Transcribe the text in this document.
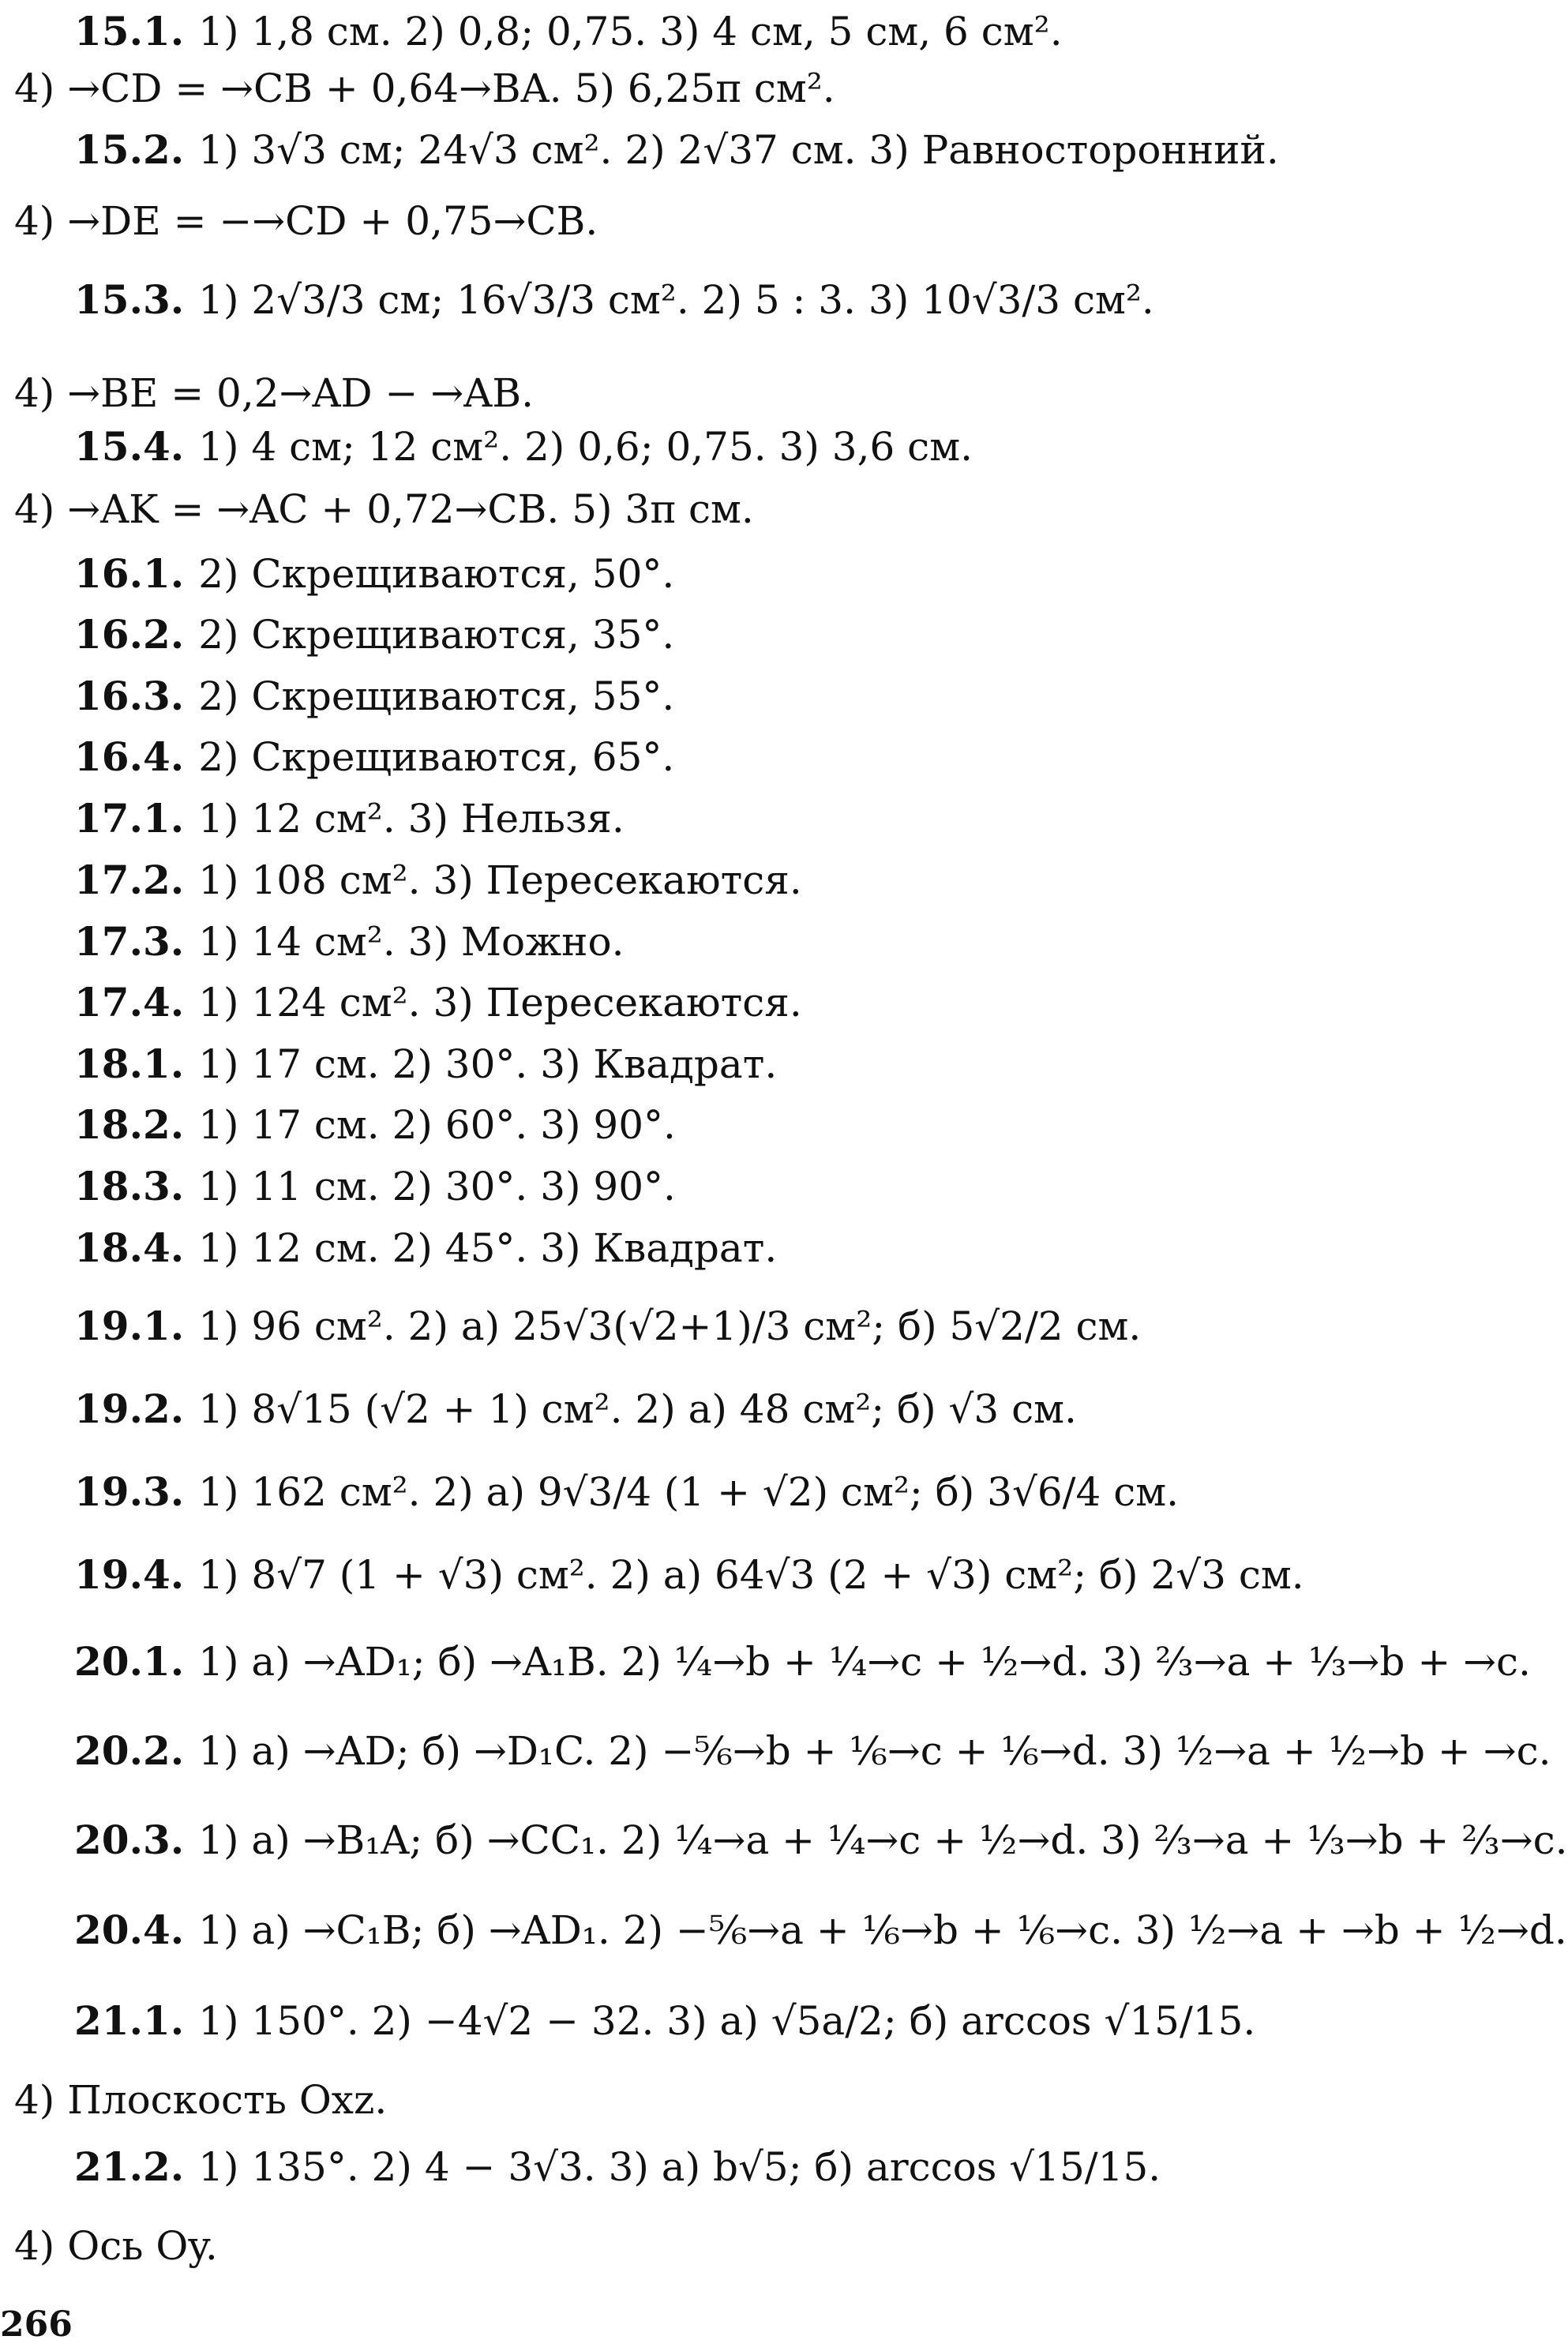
15.1. 1) 1,8 см. 2) 0,8; 0,75. 3) 4 см, 5 см, 6 см².
4) →CD = →CB + 0,64→BA. 5) 6,25π см².
15.2. 1) 3√3 см; 24√3 см². 2) 2√37 см. 3) Равносторонний.
4) →DE = −→CD + 0,75→CB.
15.3. 1) 2√3/3 см; 16√3/3 см². 2) 5 : 3. 3) 10√3/3 см².
4) →BE = 0,2→AD − →AB.
15.4. 1) 4 см; 12 см². 2) 0,6; 0,75. 3) 3,6 см.
4) →AK = →AC + 0,72→CB. 5) 3π см.
16.1. 2) Скрещиваются, 50°.
16.2. 2) Скрещиваются, 35°.
16.3. 2) Скрещиваются, 55°.
16.4. 2) Скрещиваются, 65°.
17.1. 1) 12 см². 3) Нельзя.
17.2. 1) 108 см². 3) Пересекаются.
17.3. 1) 14 см². 3) Можно.
17.4. 1) 124 см². 3) Пересекаются.
18.1. 1) 17 см. 2) 30°. 3) Квадрат.
18.2. 1) 17 см. 2) 60°. 3) 90°.
18.3. 1) 11 см. 2) 30°. 3) 90°.
18.4. 1) 12 см. 2) 45°. 3) Квадрат.
19.1. 1) 96 см². 2) а) 25√3(√2+1)/3 см²; б) 5√2/2 см.
19.2. 1) 8√15 (√2 + 1) см². 2) а) 48 см²; б) √3 см.
19.3. 1) 162 см². 2) а) 9√3/4 (1 + √2) см²; б) 3√6/4 см.
19.4. 1) 8√7 (1 + √3) см². 2) а) 64√3 (2 + √3) см²; б) 2√3 см.
20.1. 1) а) →AD₁; б) →A₁B. 2) ¼→b + ¼→c + ½→d. 3) ⅔→a + ⅓→b + →c.
20.2. 1) а) →AD; б) →D₁C. 2) −⅚→b + ⅙→c + ⅙→d. 3) ½→a + ½→b + →c.
20.3. 1) а) →B₁A; б) →CC₁. 2) ¼→a + ¼→c + ½→d. 3) ⅔→a + ⅓→b + ⅔→c.
20.4. 1) а) →C₁B; б) →AD₁. 2) −⅚→a + ⅙→b + ⅙→c. 3) ½→a + →b + ½→d.
21.1. 1) 150°. 2) −4√2 − 32. 3) а) √5a/2; б) arccos √15/15.
4) Плоскость Oxz.
21.2. 1) 135°. 2) 4 − 3√3. 3) а) b√5; б) arccos √15/15.
4) Ось Oy.
266
